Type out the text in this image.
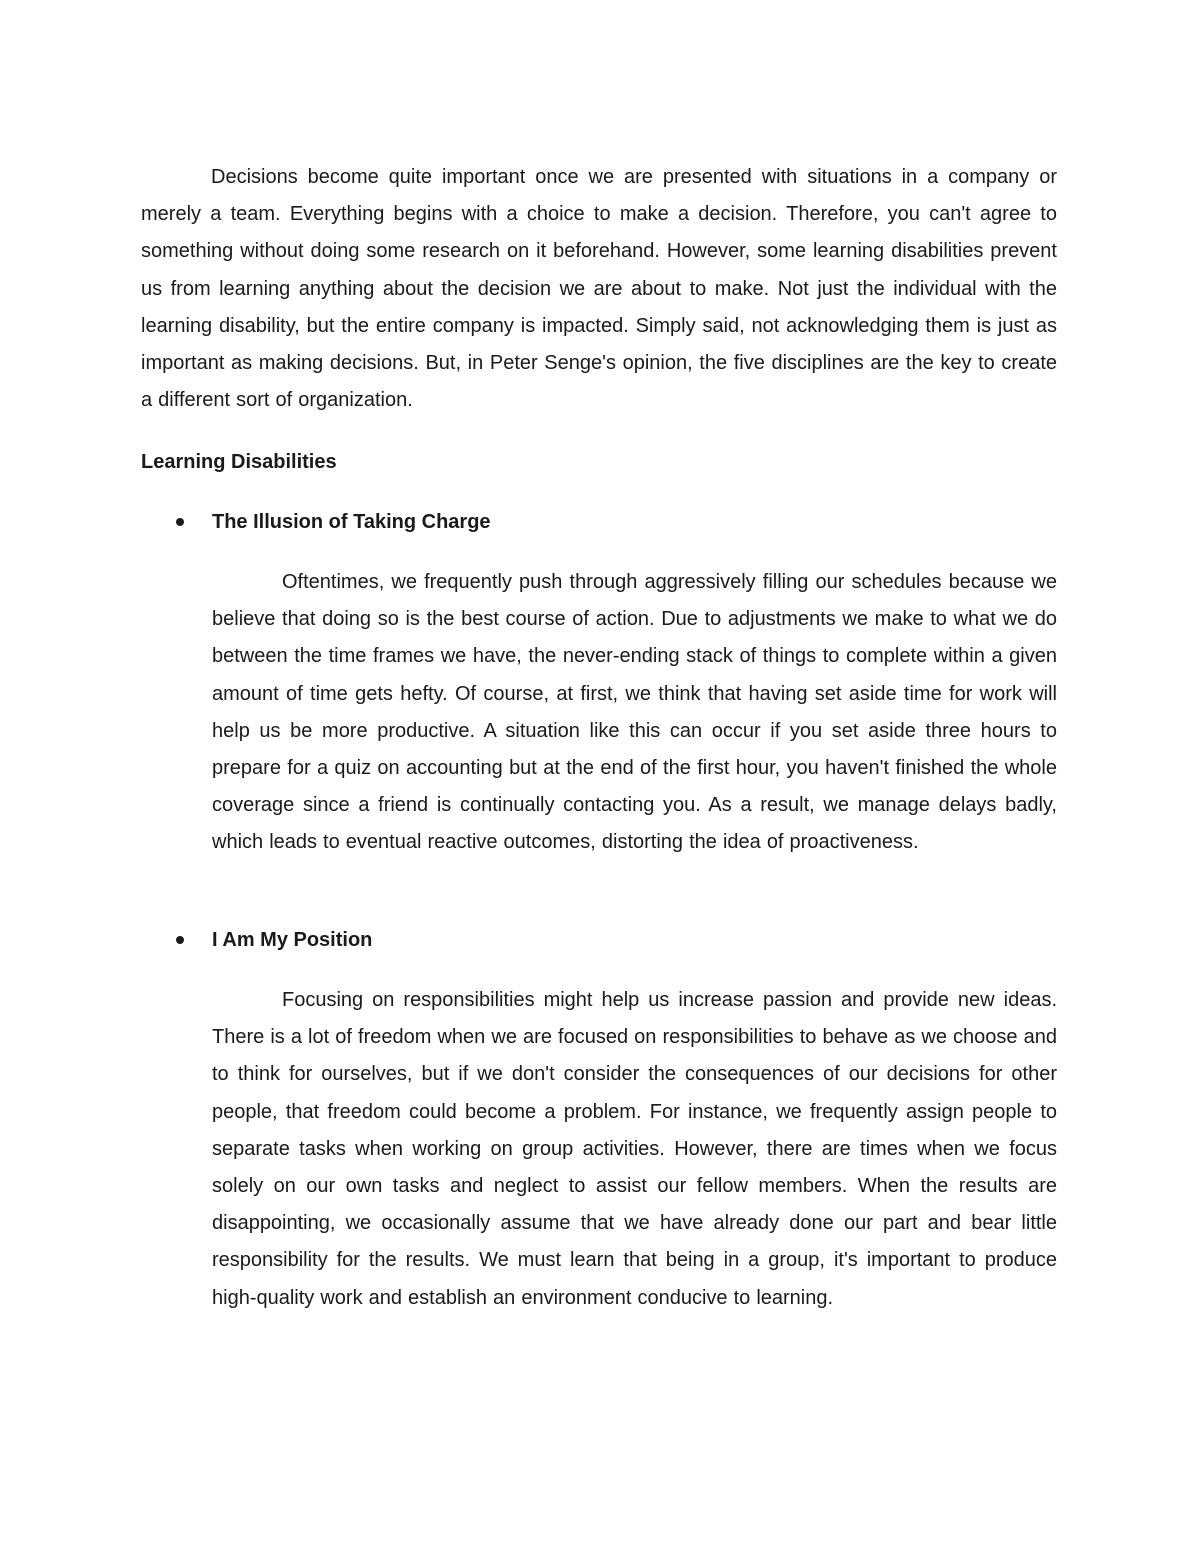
Decisions become quite important once we are presented with situations in a company or merely a team. Everything begins with a choice to make a decision. Therefore, you can't agree to something without doing some research on it beforehand. However, some learning disabilities prevent us from learning anything about the decision we are about to make. Not just the individual with the learning disability, but the entire company is impacted. Simply said, not acknowledging them is just as important as making decisions. But, in Peter Senge's opinion, the five disciplines are the key to create a different sort of organization.

Learning Disabilities
The Illusion of Taking Charge

Oftentimes, we frequently push through aggressively filling our schedules because we believe that doing so is the best course of action. Due to adjustments we make to what we do between the time frames we have, the never-ending stack of things to complete within a given amount of time gets hefty. Of course, at first, we think that having set aside time for work will help us be more productive. A situation like this can occur if you set aside three hours to prepare for a quiz on accounting but at the end of the first hour, you haven't finished the whole coverage since a friend is continually contacting you. As a result, we manage delays badly, which leads to eventual reactive outcomes, distorting the idea of proactiveness.

I Am My Position

Focusing on responsibilities might help us increase passion and provide new ideas. There is a lot of freedom when we are focused on responsibilities to behave as we choose and to think for ourselves, but if we don't consider the consequences of our decisions for other people, that freedom could become a problem. For instance, we frequently assign people to separate tasks when working on group activities. However, there are times when we focus solely on our own tasks and neglect to assist our fellow members. When the results are disappointing, we occasionally assume that we have already done our part and bear little responsibility for the results. We must learn that being in a group, it's important to produce high-quality work and establish an environment conducive to learning.
